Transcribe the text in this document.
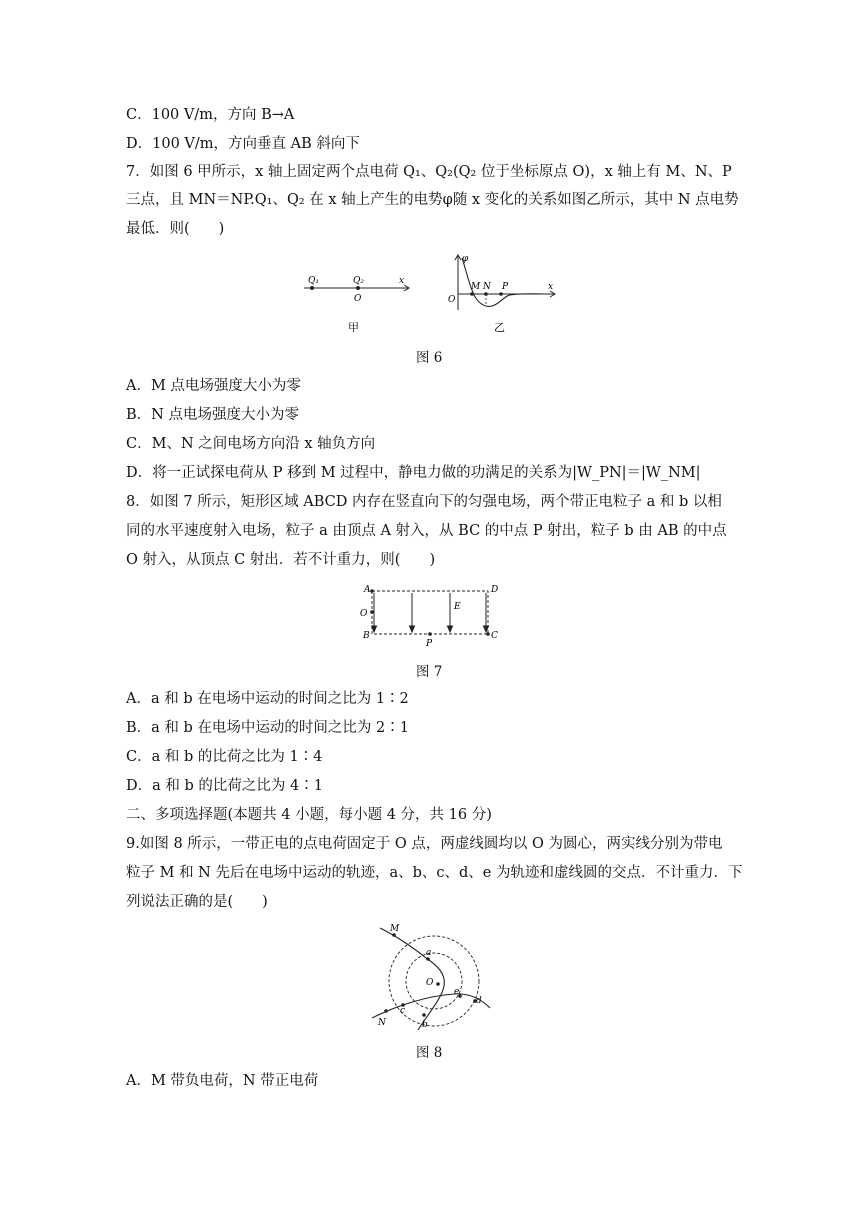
C．100 V/m，方向 B→A
D．100 V/m，方向垂直 AB 斜向下
7．如图 6 甲所示，x 轴上固定两个点电荷 Q₁、Q₂(Q₂ 位于坐标原点 O)，x 轴上有 M、N、P
三点，且 MN＝NP.Q₁、Q₂ 在 x 轴上产生的电势φ随 x 变化的关系如图乙所示，其中 N 点电势
最低．则(　　)
Q₁	Q₂
O
x
甲
φ
O
M N P	x
乙
图 6
A．M 点电场强度大小为零
B．N 点电场强度大小为零
C．M、N 之间电场方向沿 x 轴负方向
D．将一正试探电荷从 P 移到 M 过程中，静电力做的功满足的关系为|W_PN|＝|W_NM|
8．如图 7 所示，矩形区域 ABCD 内存在竖直向下的匀强电场，两个带正电粒子 a 和 b 以相
同的水平速度射入电场，粒子 a 由顶点 A 射入，从 BC 的中点 P 射出，粒子 b 由 AB 的中点
O 射入，从顶点 C 射出．若不计重力，则(　　)
A
O
B
D
C
P
E
图 7
A．a 和 b 在电场中运动的时间之比为 1∶2
B．a 和 b 在电场中运动的时间之比为 2∶1
C．a 和 b 的比荷之比为 1∶4
D．a 和 b 的比荷之比为 4∶1
二、多项选择题(本题共 4 小题，每小题 4 分，共 16 分)
9.如图 8 所示，一带正电的点电荷固定于 O 点，两虚线圆均以 O 为圆心，两实线分别为带电
粒子 M 和 N 先后在电场中运动的轨迹，a、b、c、d、e 为轨迹和虚线圆的交点．不计重力．下
列说法正确的是(　　)
M
a
O
e
d
c
N	b
图 8
A．M 带负电荷，N 带正电荷
